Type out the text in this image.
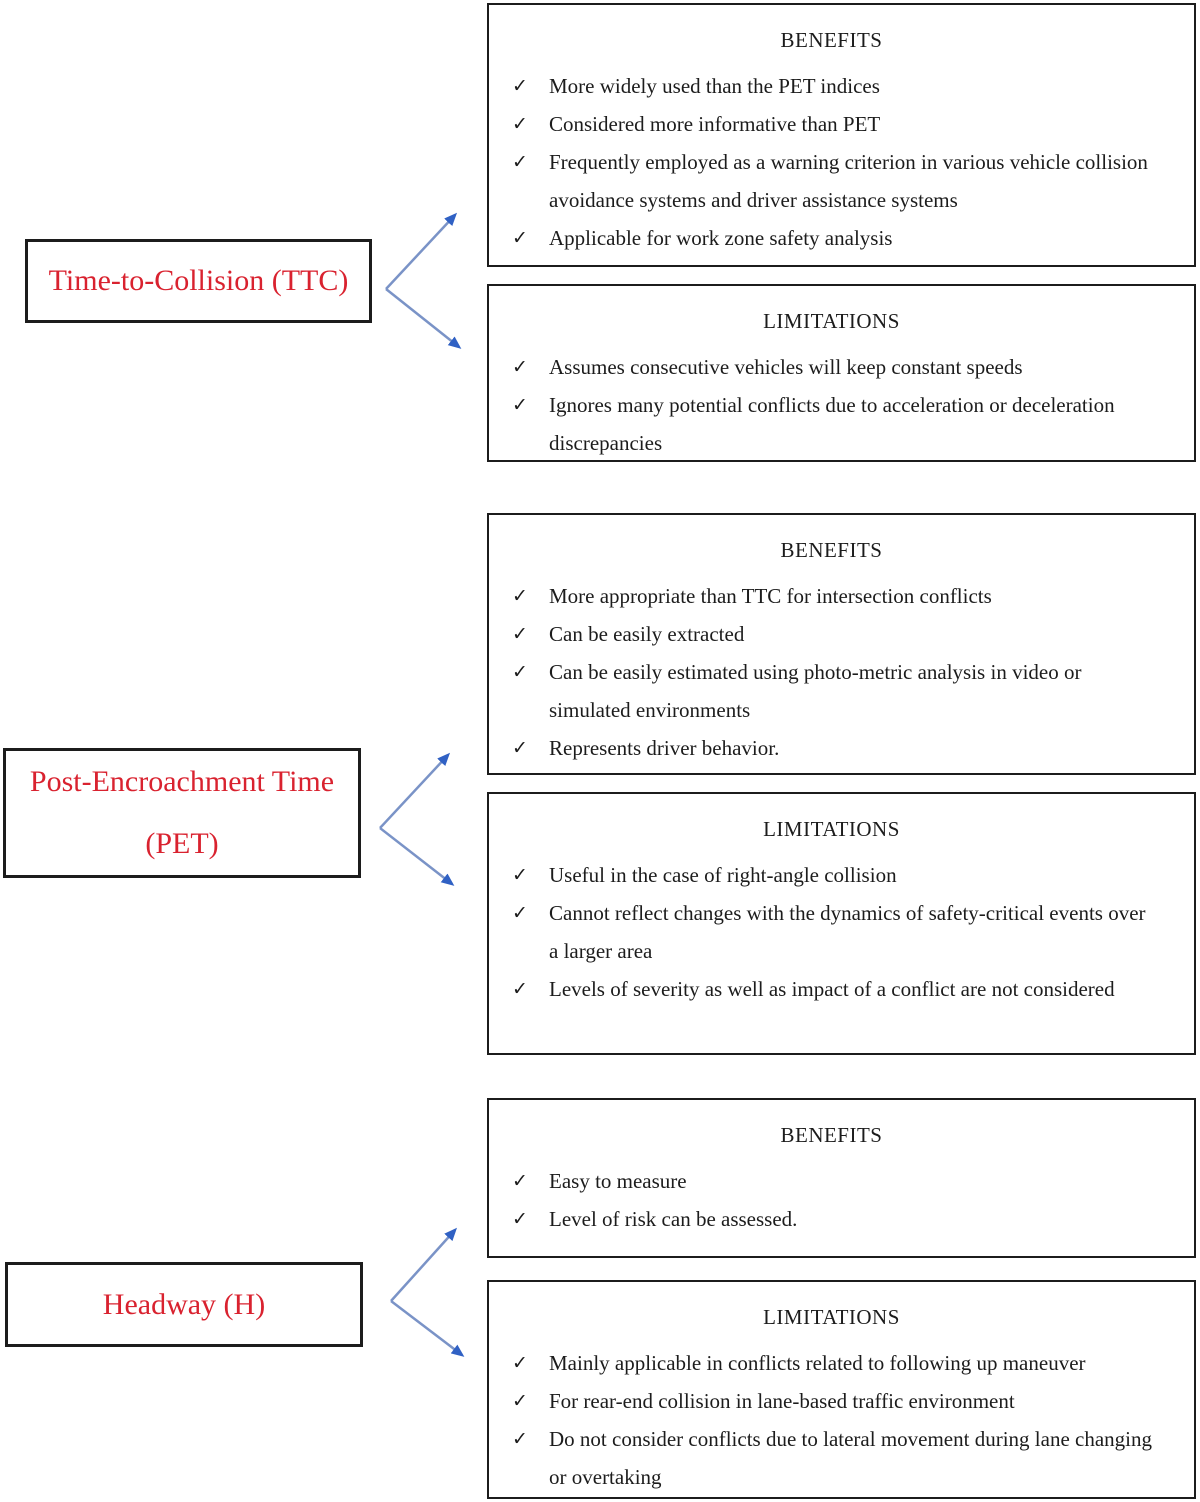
Time-to-Collision (TTC)
Post-Encroachment Time (PET)
Headway (H)
BENEFITS
✓	More widely used than the PET indices
✓	Considered more informative than PET
✓	Frequently employed as a warning criterion in various vehicle collision avoidance systems and driver assistance systems
✓	Applicable for work zone safety analysis
LIMITATIONS
✓	Assumes consecutive vehicles will keep constant speeds
✓	Ignores many potential conflicts due to acceleration or deceleration discrepancies
BENEFITS
✓	More appropriate than TTC for intersection conflicts
✓	Can be easily extracted
✓	Can be easily estimated using photo-metric analysis in video or simulated environments
✓	Represents driver behavior.
LIMITATIONS
✓	Useful in the case of right-angle collision
✓	Cannot reflect changes with the dynamics of safety-critical events over a larger area
✓	Levels of severity as well as impact of a conflict are not considered
BENEFITS
✓	Easy to measure
✓	Level of risk can be assessed.
LIMITATIONS
✓	Mainly applicable in conflicts related to following up maneuver
✓	For rear-end collision in lane-based traffic environment
✓	Do not consider conflicts due to lateral movement during lane changing or overtaking
